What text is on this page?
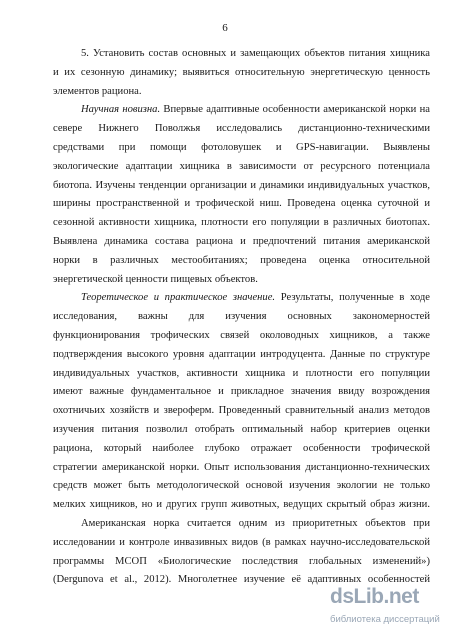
6
5. Установить состав основных и замещающих объектов питания хищника
и их сезонную динамику; выявиться относительную энергетическую ценность
элементов рациона.
Научная новизна. Впервые адаптивные особенности американской норки на
севере Нижнего Поволжья исследовались дистанционно-техническими
средствами при помощи фотоловушек и GPS-навигации. Выявлены
экологические адаптации хищника в зависимости от ресурсного потенциала
биотопа. Изучены тенденции организации и динамики индивидуальных участков,
ширины пространственной и трофической ниш. Проведена оценка суточной и
сезонной активности хищника, плотности его популяции в различных биотопах.
Выявлена динамика состава рациона и предпочтений питания американской
норки в различных местообитаниях; проведена оценка относительной
энергетической ценности пищевых объектов.
Теоретическое и практическое значение. Результаты, полученные в ходе
исследования, важны для изучения основных закономерностей
функционирования трофических связей околоводных хищников, а также
подтверждения высокого уровня адаптации интродуцента. Данные по структуре
индивидуальных участков, активности хищника и плотности его популяции
имеют важные фундаментальное и прикладное значения ввиду возрождения
охотничьих хозяйств и звероферм. Проведенный сравнительный анализ методов
изучения питания позволил отобрать оптимальный набор критериев оценки
рациона, который наиболее глубоко отражает особенности трофической
стратегии американской норки. Опыт использования дистанционно-технических
средств может быть методологической основой изучения экологии не только
мелких хищников, но и других групп животных, ведущих скрытый образ жизни.
Американская норка считается одним из приоритетных объектов при
исследовании и контроле инвазивных видов (в рамках научно-исследовательской
программы МСОП «Биологические последствия глобальных изменений»)
(Dergunova et al., 2012). Многолетнее изучение её адаптивных особенностей
dsLib.net
библиотека диссертаций
